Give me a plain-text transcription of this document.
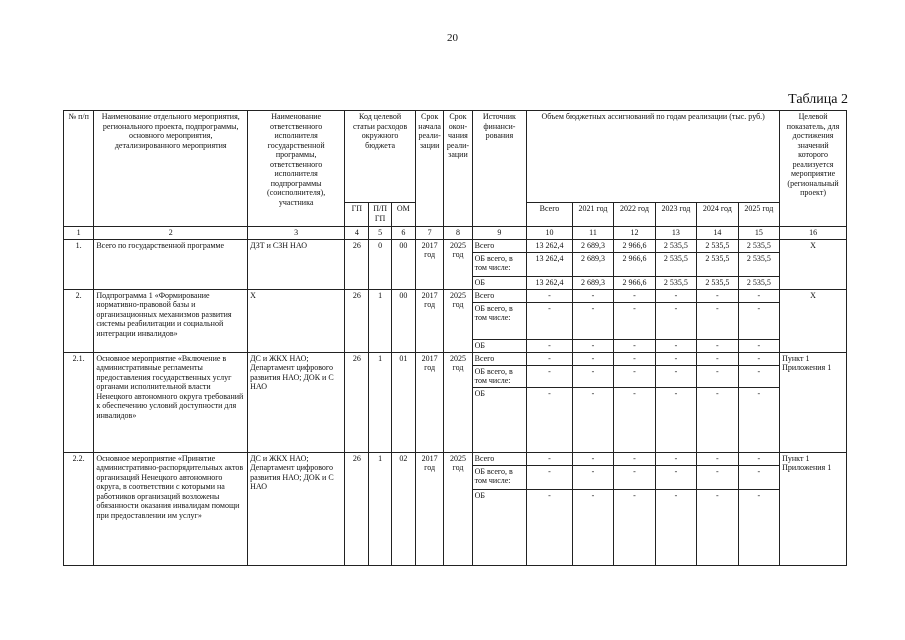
20
Таблица 2
№ п/п	Наименование отдельного мероприятия, регионального проекта, подпрограммы, основного мероприятия, детализированного мероприятия	Наименование ответственного исполнителя государственной программы, ответственного исполнителя подпрограммы (соисполнителя), участника	Код целевой статьи расходов окружного бюджета			Срок начала реали-зации	Срок окон-чания реали-зации	Источник финанси-рования	Объем бюджетных ассигнований по годам реализации (тыс. руб.)						Целевой показатель, для достижения значений которого реализуется мероприятие (региональный проект)
			ГП	П/П ГП	ОМ				Всего	2021 год	2022 год	2023 год	2024 год	2025 год	
1	2	3	4	5	6	7	8	9	10	11	12	13	14	15	16
1.	Всего по государственной программе	ДЗТ и СЗН НАО	26	0	00	2017 год	2025 год	Всего	13 262,4	2 689,3	2 966,6	2 535,5	2 535,5	2 535,5	Х
								ОБ всего, в том числе:	13 262,4	2 689,3	2 966,6	2 535,5	2 535,5	2 535,5	
								ОБ	13 262,4	2 689,3	2 966,6	2 535,5	2 535,5	2 535,5	
2.	Подпрограмма 1 «Формирование нормативно-правовой базы и организационных механизмов развития системы реабилитации и социальной интеграции инвалидов»	Х	26	1	00	2017 год	2025 год	Всего	-	-	-	-	-	-	Х
								ОБ всего, в том числе:	-	-	-	-	-	-	
								ОБ	-	-	-	-	-	-	
2.1.	Основное мероприятие «Включение в административные регламенты предоставления государственных услуг органами исполнительной власти Ненецкого автономного округа требований к обеспечению условий доступности для инвалидов»	ДС и ЖКХ НАО; Департамент цифрового развития НАО; ДОК и С НАО	26	1	01	2017 год	2025 год	Всего	-	-	-	-	-	-	Пункт 1 Приложения 1
								ОБ всего, в том числе:	-	-	-	-	-	-	
								ОБ	-	-	-	-	-	-	
2.2.	Основное мероприятие «Принятие административно-распорядительных актов организаций Ненецкого автономного округа, в соответствии с которыми на работников организаций возложены обязанности оказания инвалидам помощи при предоставлении им услуг»	ДС и ЖКХ НАО; Департамент цифрового развития НАО; ДОК и С НАО	26	1	02	2017 год	2025 год	Всего	-	-	-	-	-	-	Пункт 1 Приложения 1
								ОБ всего, в том числе:	-	-	-	-	-	-	
								ОБ	-	-	-	-	-	-	
